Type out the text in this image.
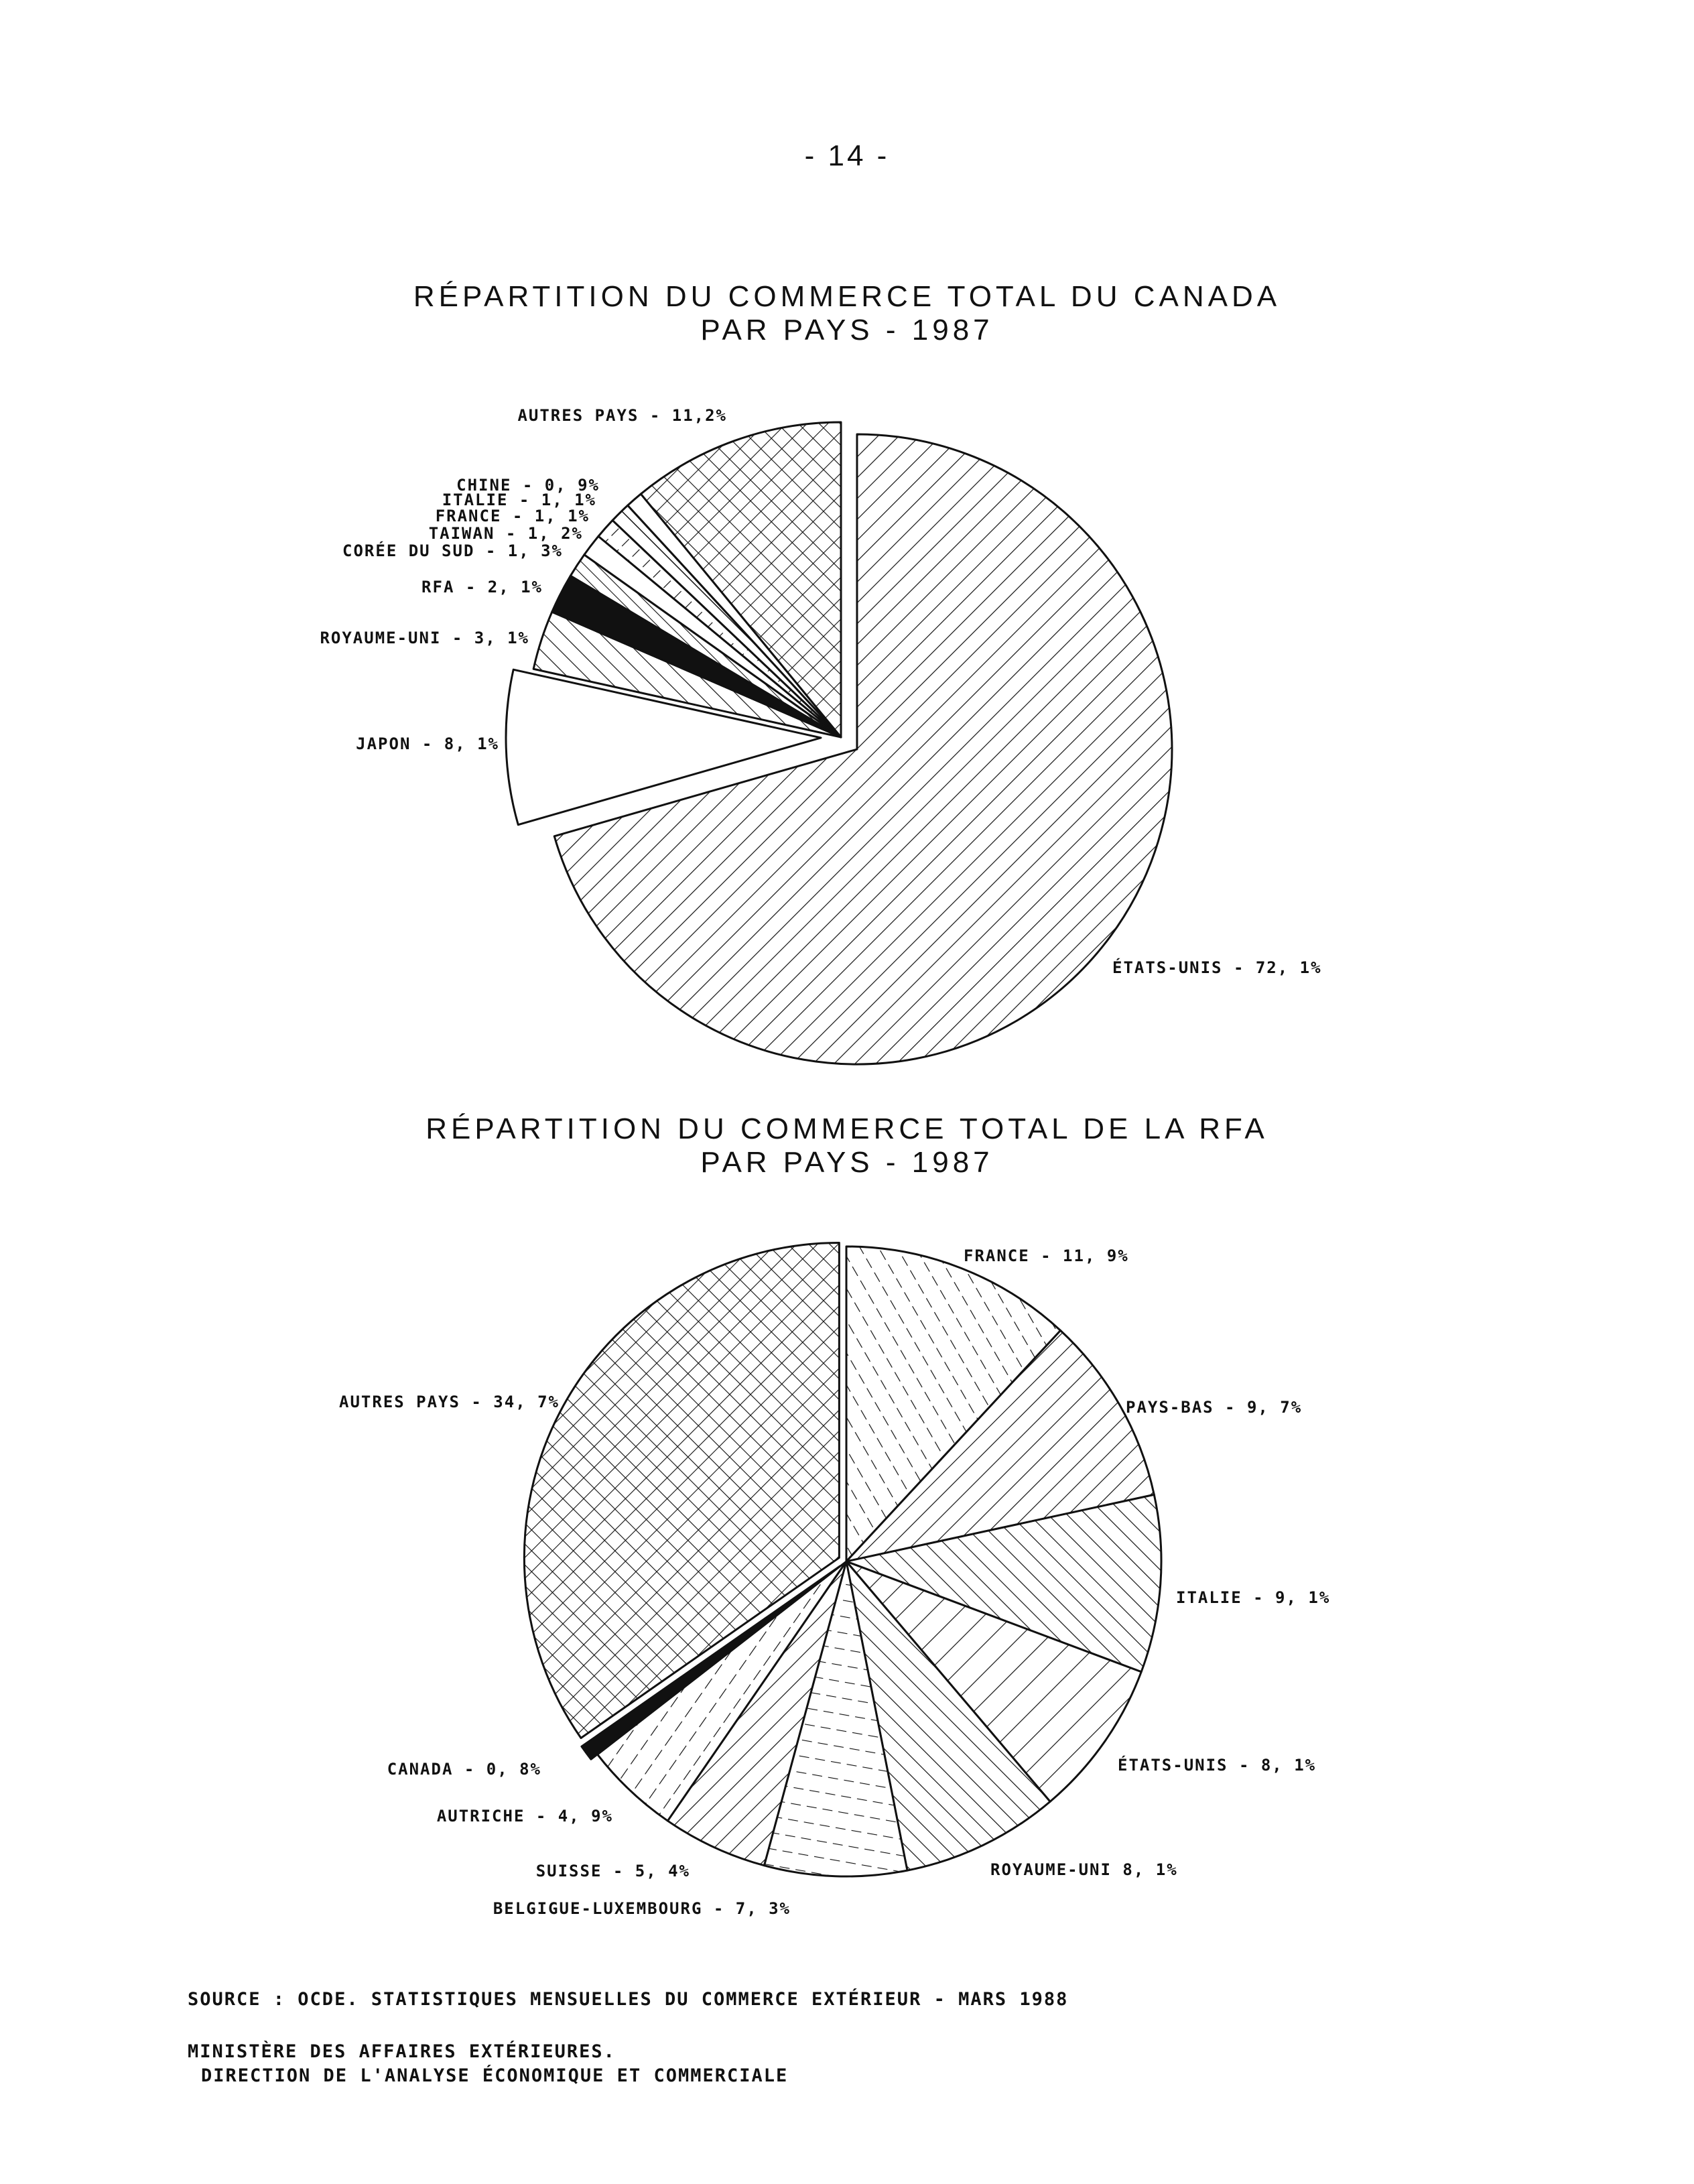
- 14 -
RÉPARTITION DU COMMERCE TOTAL DU CANADA
PAR PAYS - 1987
ÉTATS-UNIS - 72, 1%
JAPON - 8, 1%
ROYAUME-UNI - 3, 1%
RFA - 2, 1%
CORÉE DU SUD - 1, 3%
TAIWAN - 1, 2%
FRANCE - 1, 1%
ITALIE - 1, 1%
CHINE - 0, 9%
AUTRES PAYS - 11,2%
RÉPARTITION DU COMMERCE TOTAL DE LA RFA
PAR PAYS - 1987
FRANCE - 11, 9%
PAYS-BAS - 9, 7%
ITALIE - 9, 1%
ÉTATS-UNIS - 8, 1%
ROYAUME-UNI 8, 1%
BELGIGUE-LUXEMBOURG - 7, 3%
SUISSE - 5, 4%
AUTRICHE - 4, 9%
CANADA - 0, 8%
AUTRES PAYS - 34, 7%
SOURCE : OCDE. STATISTIQUES MENSUELLES DU COMMERCE EXTÉRIEUR - MARS 1988
MINISTÈRE DES AFFAIRES EXTÉRIEURES.
DIRECTION DE L'ANALYSE ÉCONOMIQUE ET COMMERCIALE
